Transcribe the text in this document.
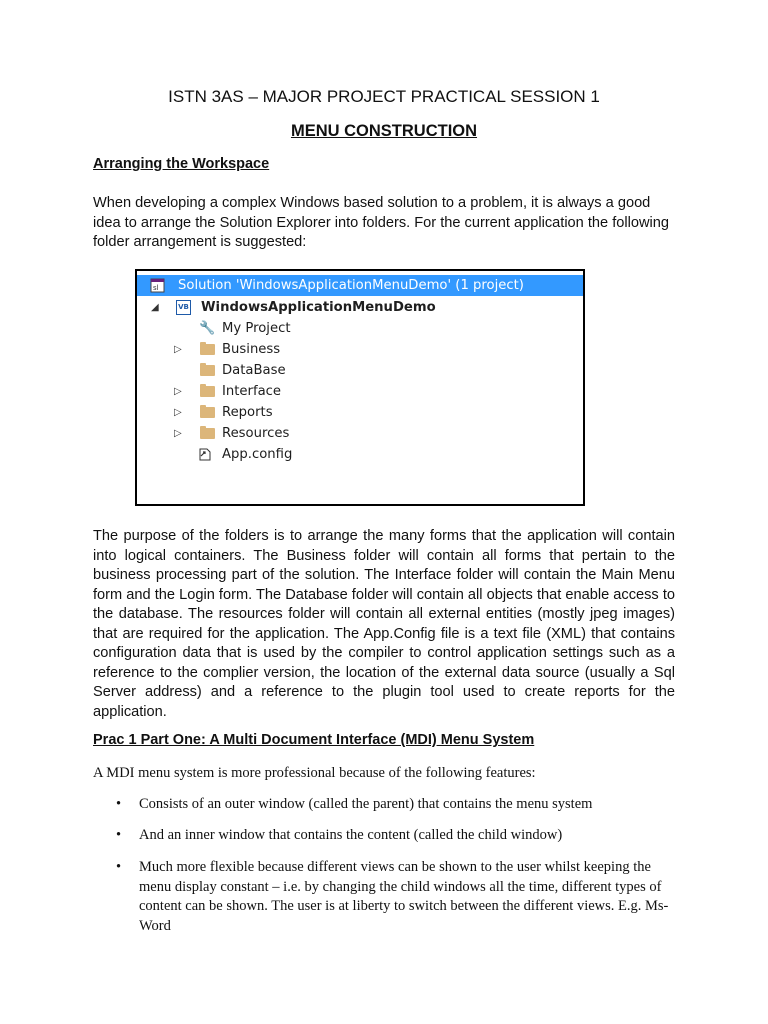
ISTN 3AS – MAJOR PROJECT PRACTICAL SESSION 1
MENU CONSTRUCTION
Arranging the Workspace
When developing a complex Windows based solution to a problem, it is always a good idea to arrange the Solution Explorer into folders. For the current application the following folder arrangement is suggested:
sl Solution 'WindowsApplicationMenuDemo' (1 project)
◢	VB WindowsApplicationMenuDemo
🔧 My Project
▷	Business
DataBase
▷	Interface
▷	Reports
▷	Resources
App.config
The purpose of the folders is to arrange the many forms that the application will contain into logical containers. The Business folder will contain all forms that pertain to the business processing part of the solution. The Interface folder will contain the Main Menu form and the Login form. The Database folder will contain all objects that enable access to the database. The resources folder will contain all external entities (mostly jpeg images) that are required for the application. The App.Config file is a text file (XML) that contains configuration data that is used by the compiler to control application settings such as a reference to the complier version, the location of the external data source (usually a Sql Server address) and a reference to the plugin tool used to create reports for the application.
Prac 1 Part One: A Multi Document Interface (MDI) Menu System
A MDI menu system is more professional because of the following features:
• Consists of an outer window (called the parent) that contains the menu system
• And an inner window that contains the content (called the child window)
• Much more flexible because different views can be shown to the user whilst keeping the menu display constant – i.e. by changing the child windows all the time, different types of content can be shown. The user is at liberty to switch between the different views. E.g. Ms-Word
